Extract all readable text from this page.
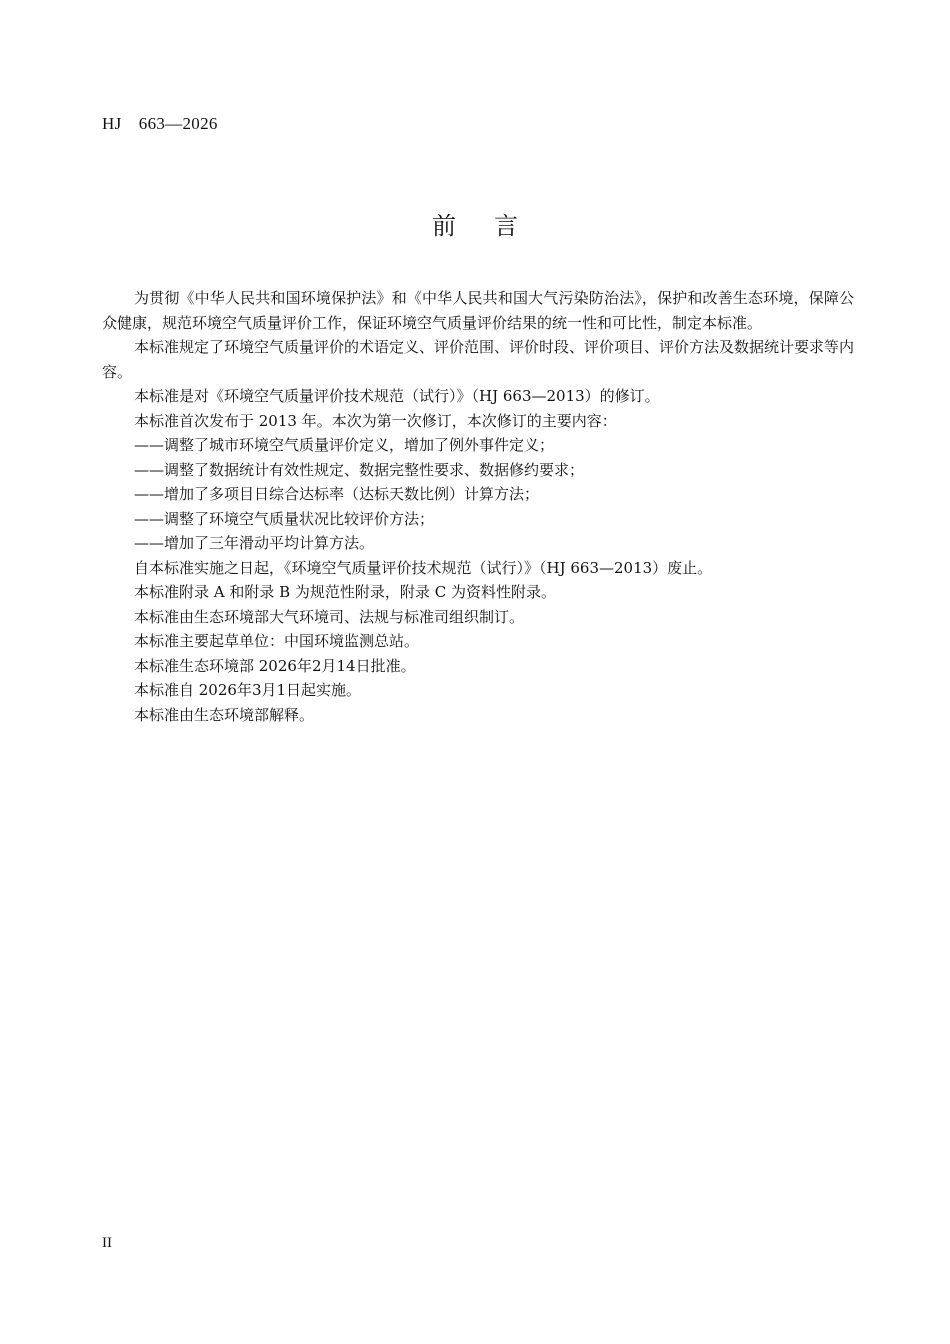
HJ 663—2026
前言

为贯彻《中华人民共和国环境保护法》和《中华人民共和国大气污染防治法》，保护和改善生态环境，保障公众健康，规范环境空气质量评价工作，保证环境空气质量评价结果的统一性和可比性，制定本标准。

本标准规定了环境空气质量评价的术语定义、评价范围、评价时段、评价项目、评价方法及数据统计要求等内容。

本标准是对《环境空气质量评价技术规范（试行）》（HJ 663—2013）的修订。

本标准首次发布于 2013 年。本次为第一次修订，本次修订的主要内容：

——调整了城市环境空气质量评价定义，增加了例外事件定义；
——调整了数据统计有效性规定、数据完整性要求、数据修约要求；
——增加了多项目日综合达标率（达标天数比例）计算方法；
——调整了环境空气质量状况比较评价方法；
——增加了三年滑动平均计算方法。

自本标准实施之日起，《环境空气质量评价技术规范（试行）》（HJ 663—2013）废止。

本标准附录 A 和附录 B 为规范性附录，附录 C 为资料性附录。

本标准由生态环境部大气环境司、法规与标准司组织制订。

本标准主要起草单位：中国环境监测总站。

本标准生态环境部 2026年2月14日批准。

本标准自 2026年3月1日起实施。

本标准由生态环境部解释。

II
